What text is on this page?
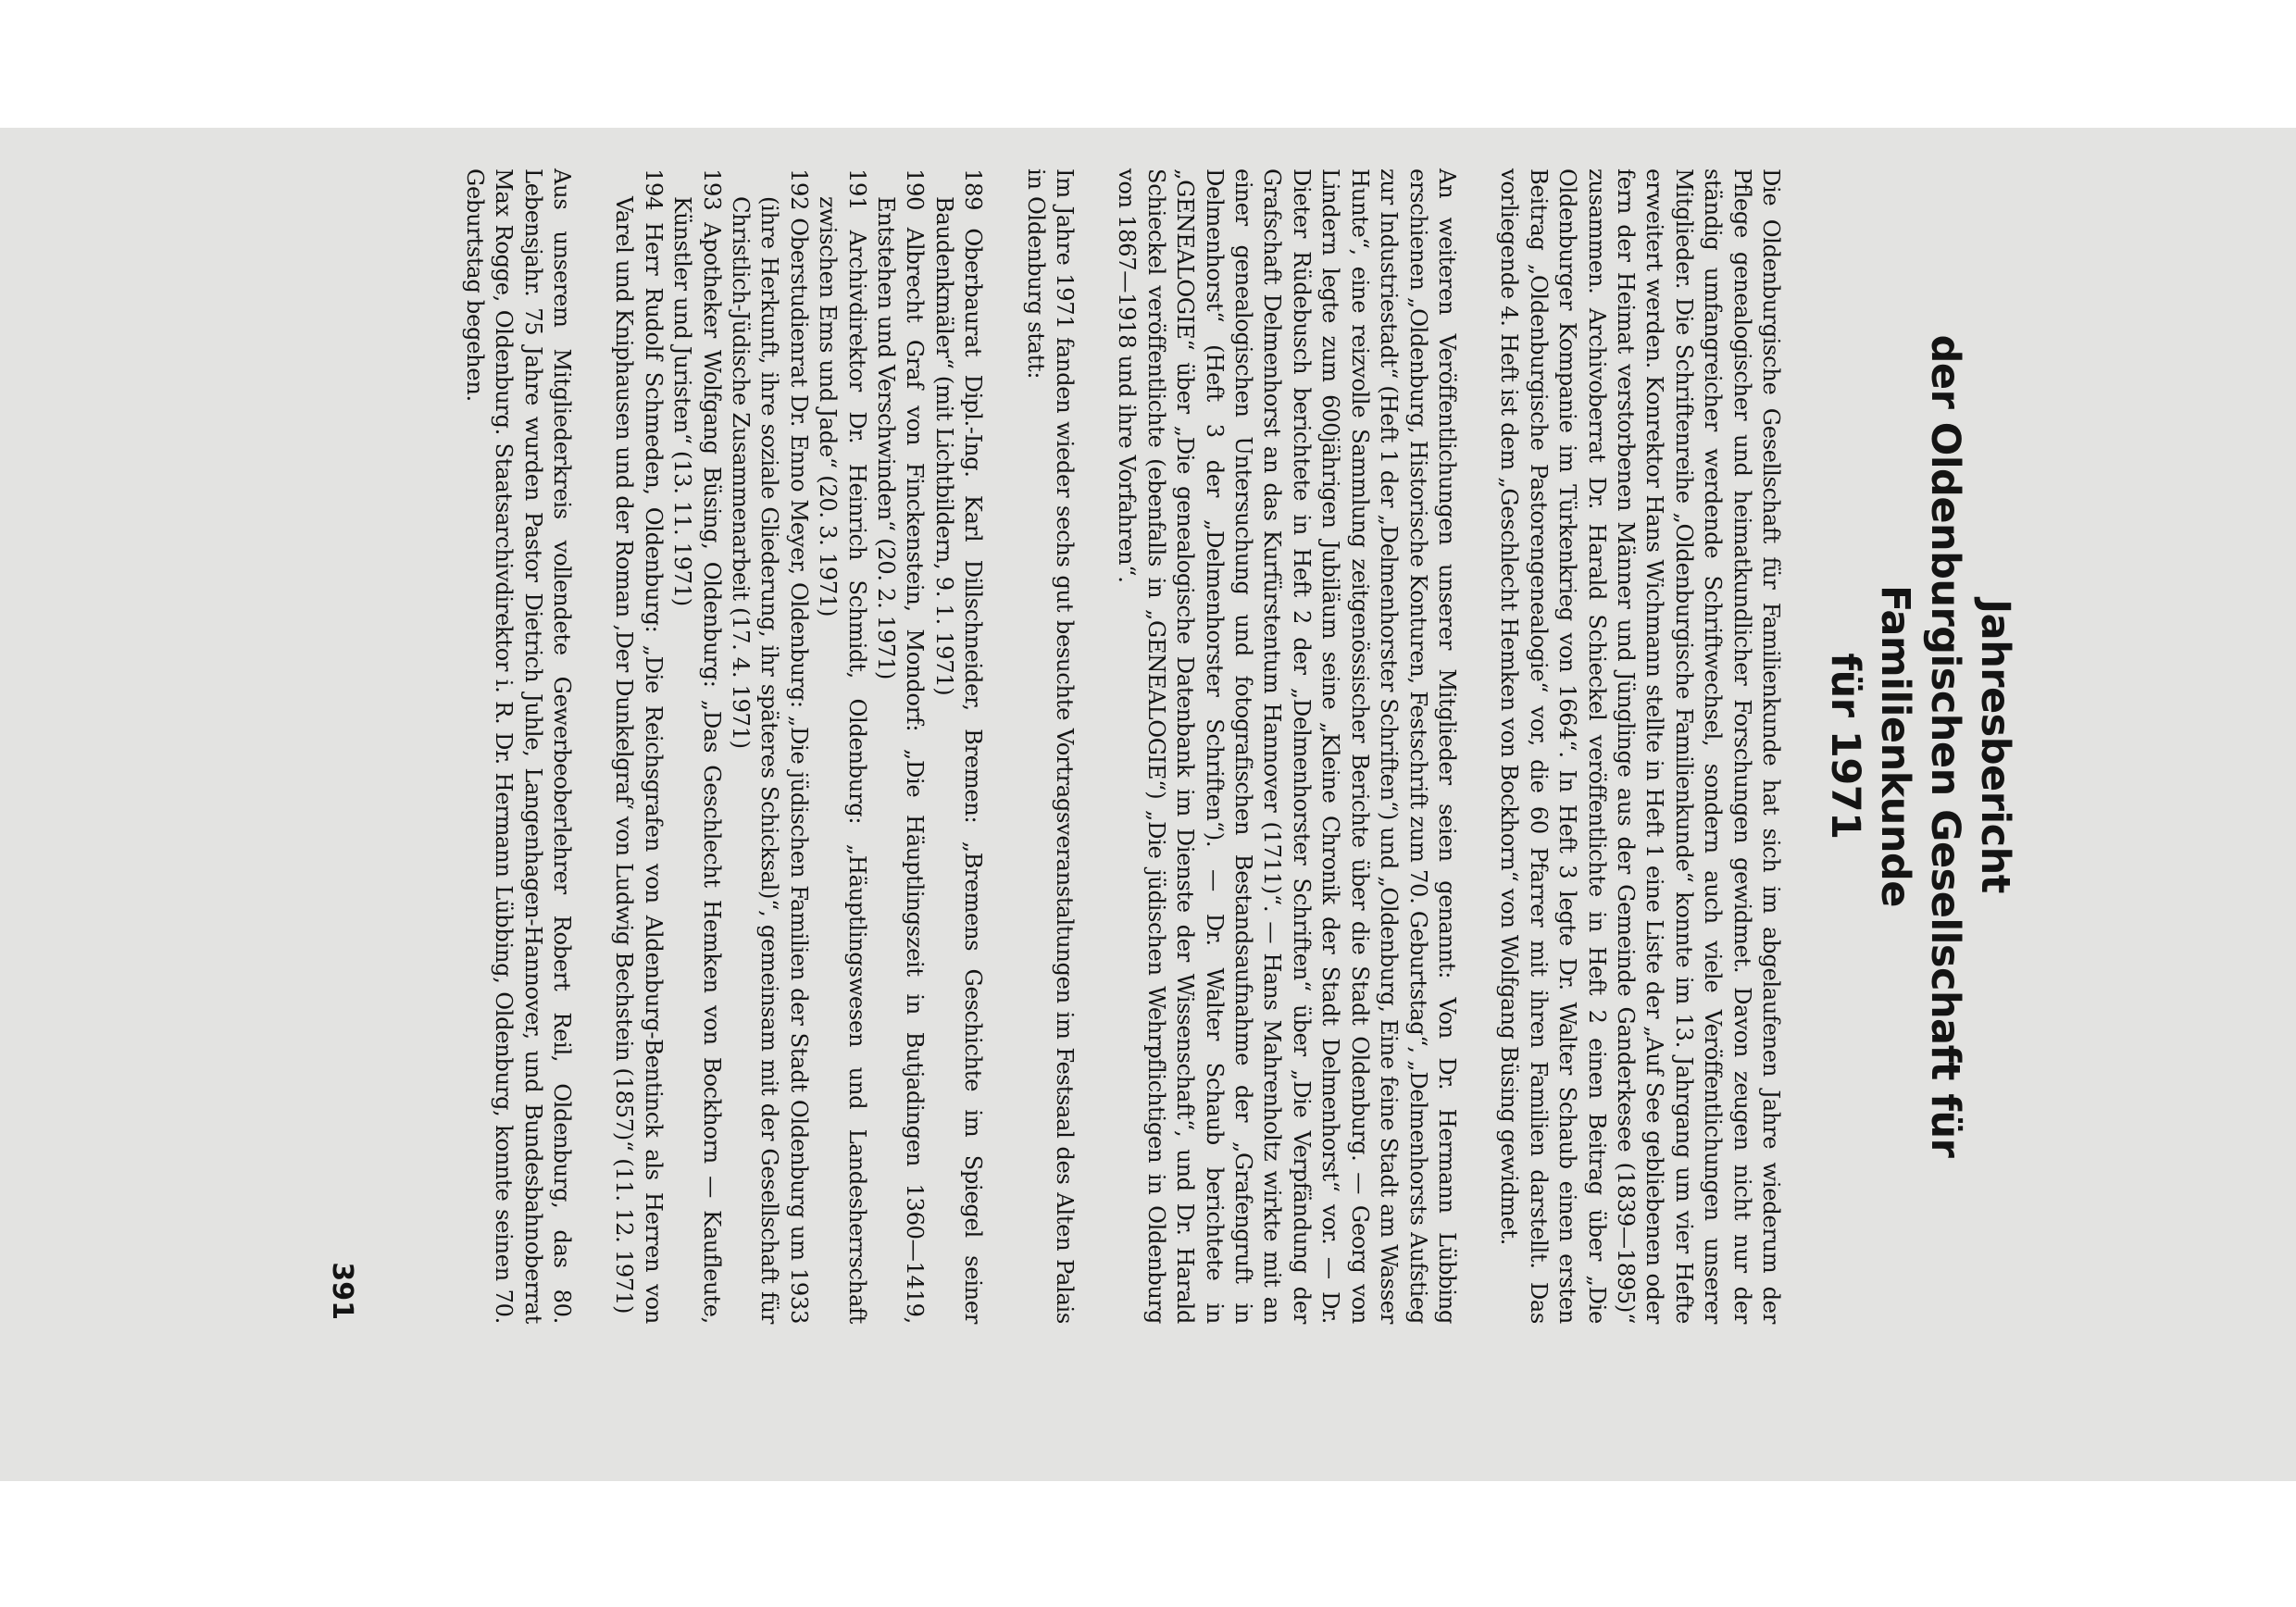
Jahresbericht
der Oldenburgischen Gesellschaft für Familienkunde
für 1971

Die Oldenburgische Gesellschaft für Familienkunde hat sich im abgelaufenen Jahre wiederum der Pflege genealogischer und heimatkundlicher Forschungen gewidmet. Davon zeugen nicht nur der ständig umfangreicher werdende Schriftwechsel, sondern auch viele Veröffentlichungen unserer Mitglieder. Die Schriftenreihe „Oldenburgische Familienkunde“ konnte im 13. Jahrgang um vier Hefte erweitert werden. Konrektor Hans Wichmann stellte in Heft 1 eine Liste der „Auf See gebliebenen oder fern der Heimat verstorbenen Männer und Jünglinge aus der Gemeinde Ganderkesee (1839—1895)“ zusammen. Archivoberrat Dr. Harald Schieckel veröffentlichte in Heft 2 einen Beitrag über „Die Oldenburger Kompanie im Türkenkrieg von 1664“. In Heft 3 legte Dr. Walter Schaub einen ersten Beitrag „Oldenburgische Pastorengenealogie“ vor, die 60 Pfarrer mit ihren Familien darstellt. Das vorliegende 4. Heft ist dem „Geschlecht Hemken von Bockhorn“ von Wolfgang Büsing gewidmet.

An weiteren Veröffentlichungen unserer Mitglieder seien genannt: Von Dr. Hermann Lübbing erschienen „Oldenburg, Historische Konturen, Festschrift zum 70. Geburtstag“, „Delmenhorsts Aufstieg zur Industriestadt“ (Heft 1 der „Delmenhorster Schriften“) und „Oldenburg, Eine feine Stadt am Wasser Hunte“, eine reizvolle Sammlung zeitgenössischer Berichte über die Stadt Oldenburg. — Georg von Lindern legte zum 600jährigen Jubiläum seine „Kleine Chronik der Stadt Delmenhorst“ vor. — Dr. Dieter Rüdebusch berichtete in Heft 2 der „Delmenhorster Schriften“ über „Die Verpfändung der Grafschaft Delmenhorst an das Kurfürstentum Hannover (1711)“. — Hans Mahrenholtz wirkte mit an einer genealogischen Untersuchung und fotografischen Bestandsaufnahme der „Grafengruft in Delmenhorst“ (Heft 3 der „Delmenhorster Schriften“). — Dr. Walter Schaub berichtete in „GENEALOGIE“ über „Die genealogische Datenbank im Dienste der Wissenschaft“, und Dr. Harald Schieckel veröffentlichte (ebenfalls in „GENEALOGIE“) „Die jüdischen Wehrpflichtigen in Oldenburg von 1867—1918 und ihre Vorfahren“.

Im Jahre 1971 fanden wieder sechs gut besuchte Vortragsveranstaltungen im Festsaal des Alten Palais in Oldenburg statt:

189 Oberbaurat Dipl.-Ing. Karl Dillschneider, Bremen: „Bremens Geschichte im Spiegel seiner Baudenkmäler“ (mit Lichtbildern, 9. 1. 1971)
190 Albrecht Graf von Finckenstein, Mondorf: „Die Häuptlingszeit in Butjadingen 1360—1419, Entstehen und Verschwinden“ (20. 2. 1971)
191 Archivdirektor Dr. Heinrich Schmidt, Oldenburg: „Häuptlingswesen und Landesherrschaft zwischen Ems und Jade“ (20. 3. 1971)
192 Oberstudienrat Dr. Enno Meyer, Oldenburg: „Die jüdischen Familien der Stadt Oldenburg um 1933 (ihre Herkunft, ihre soziale Gliederung, ihr späteres Schicksal)“, gemeinsam mit der Gesellschaft für Christlich-Jüdische Zusammenarbeit (17. 4. 1971)
193 Apotheker Wolfgang Büsing, Oldenburg: „Das Geschlecht Hemken von Bockhorn — Kaufleute, Künstler und Juristen“ (13. 11. 1971)
194 Herr Rudolf Schmeden, Oldenburg: „Die Reichsgrafen von Aldenburg-Bentinck als Herren von Varel und Kniphausen und der Roman ‚Der Dunkelgraf‘ von Ludwig Bechstein (1857)“ (11. 12. 1971)

Aus unserem Mitgliederkreis vollendete Gewerbeoberlehrer Robert Reil, Oldenburg, das 80. Lebensjahr. 75 Jahre wurden Pastor Dietrich Juhle, Langenhagen-Hannover, und Bundesbahnoberrat Max Rogge, Oldenburg. Staatsarchivdirektor i. R. Dr. Hermann Lübbing, Oldenburg, konnte seinen 70. Geburtstag begehen.

391
